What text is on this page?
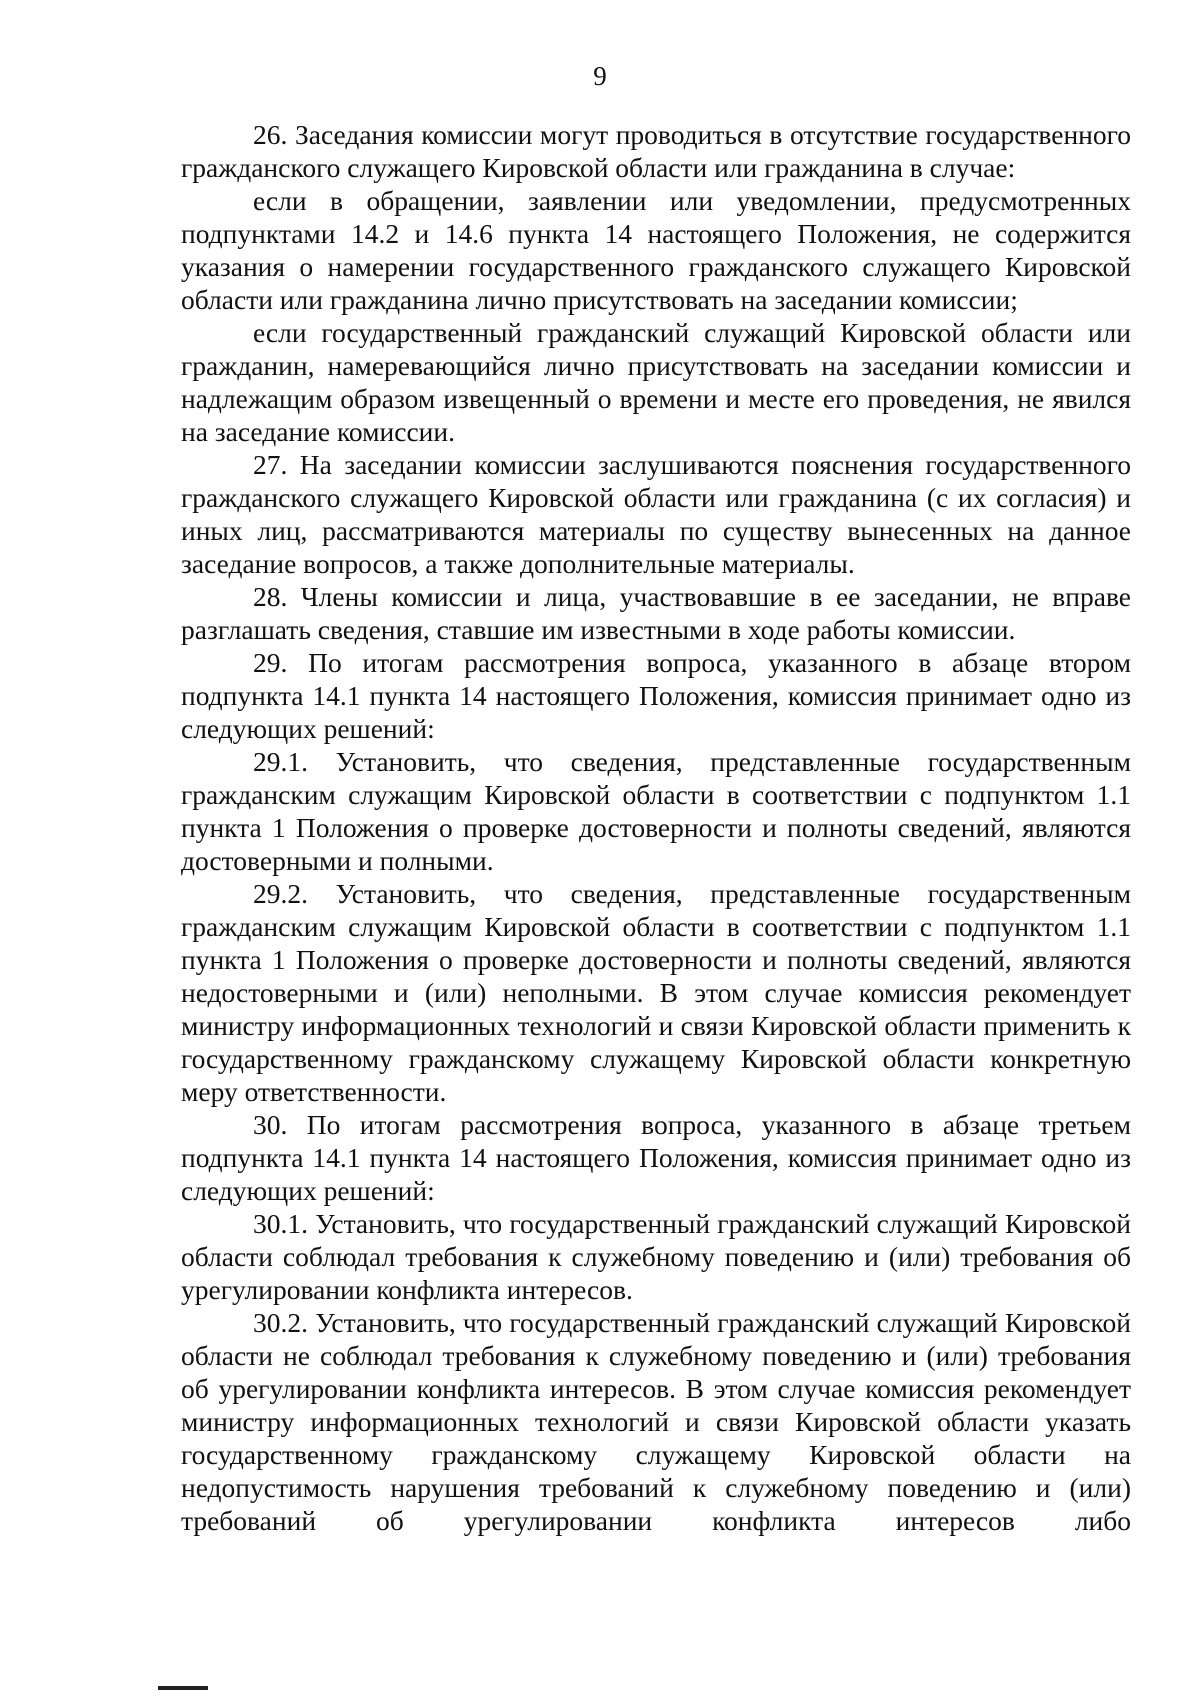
9

26. Заседания комиссии могут проводиться в отсутствие государственного гражданского служащего Кировской области или гражданина в случае:

если в обращении, заявлении или уведомлении, предусмотренных подпунктами 14.2 и 14.6 пункта 14 настоящего Положения, не содержится указания о намерении государственного гражданского служащего Кировской области или гражданина лично присутствовать на заседании комиссии;

если государственный гражданский служащий Кировской области или гражданин, намеревающийся лично присутствовать на заседании комиссии и надлежащим образом извещенный о времени и месте его проведения, не явился на заседание комиссии.

27. На заседании комиссии заслушиваются пояснения государственного гражданского служащего Кировской области или гражданина (с их согласия) и иных лиц, рассматриваются материалы по существу вынесенных на данное заседание вопросов, а также дополнительные материалы.

28. Члены комиссии и лица, участвовавшие в ее заседании, не вправе разглашать сведения, ставшие им известными в ходе работы комиссии.

29. По итогам рассмотрения вопроса, указанного в абзаце втором подпункта 14.1 пункта 14 настоящего Положения, комиссия принимает одно из следующих решений:

29.1. Установить, что сведения, представленные государственным гражданским служащим Кировской области в соответствии с подпунктом 1.1 пункта 1 Положения о проверке достоверности и полноты сведений, являются достоверными и полными.

29.2. Установить, что сведения, представленные государственным гражданским служащим Кировской области в соответствии с подпунктом 1.1 пункта 1 Положения о проверке достоверности и полноты сведений, являются недостоверными и (или) неполными. В этом случае комиссия рекомендует министру информационных технологий и связи Кировской области применить к государственному гражданскому служащему Кировской области конкретную меру ответственности.

30. По итогам рассмотрения вопроса, указанного в абзаце третьем подпункта 14.1 пункта 14 настоящего Положения, комиссия принимает одно из следующих решений:

30.1. Установить, что государственный гражданский служащий Кировской области соблюдал требования к служебному поведению и (или) требования об урегулировании конфликта интересов.

30.2. Установить, что государственный гражданский служащий Кировской области не соблюдал требования к служебному поведению и (или) требования об урегулировании конфликта интересов. В этом случае комиссия рекомендует министру информационных технологий и связи Кировской области указать государственному гражданскому служащему Кировской области на недопустимость нарушения требований к служебному поведению и (или) требований об урегулировании конфликта интересов либо
